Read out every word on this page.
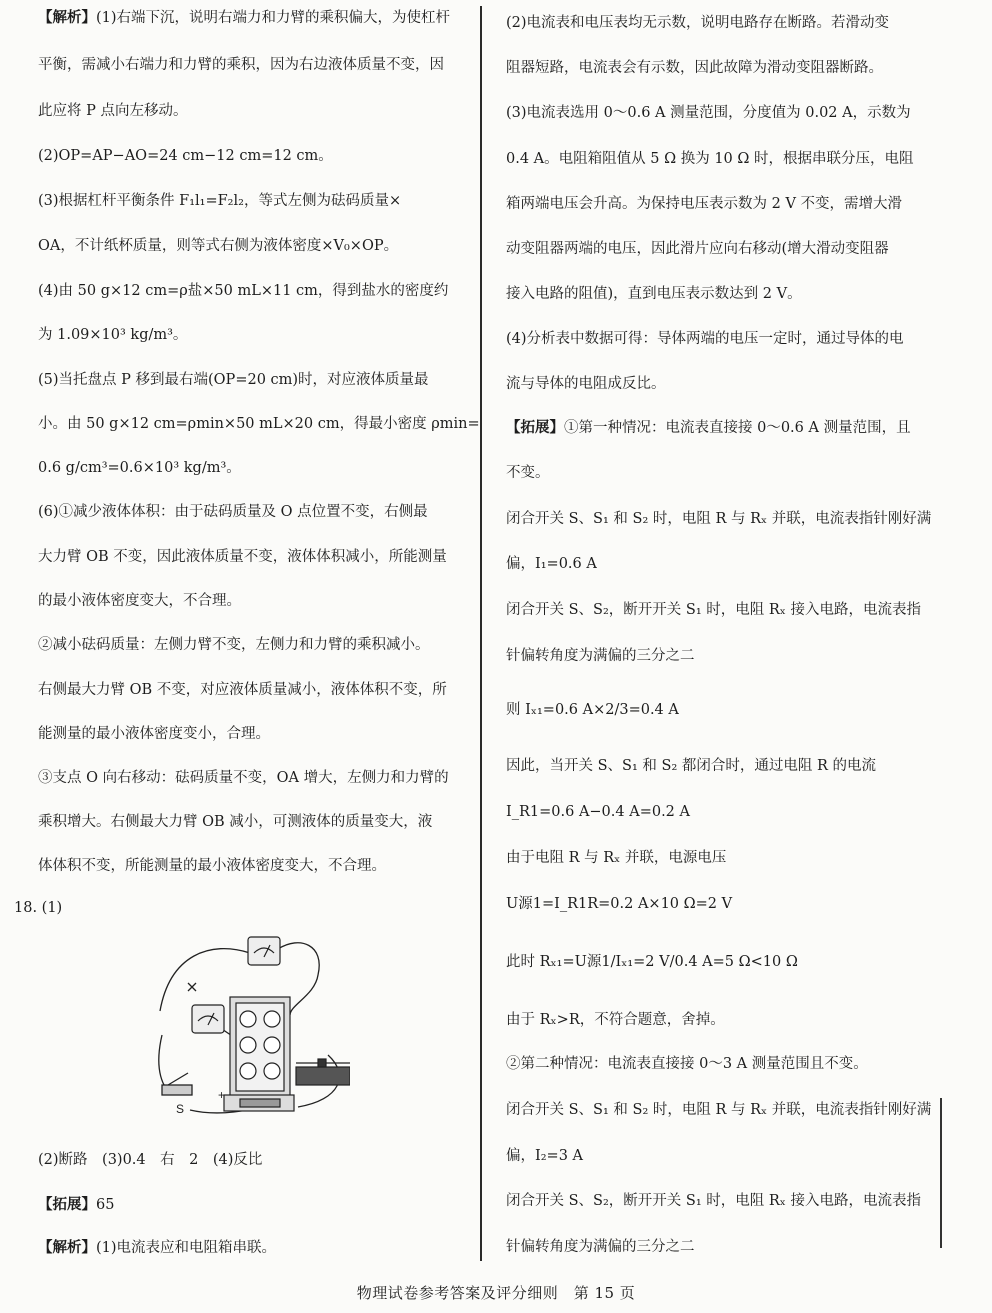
【解析】(1)右端下沉，说明右端力和力臂的乘积偏大，为使杠杆
平衡，需减小右端力和力臂的乘积，因为右边液体质量不变，因
此应将 P 点向左移动。
(2)OP=AP−AO=24 cm−12 cm=12 cm。
(3)根据杠杆平衡条件 F₁l₁=F₂l₂，等式左侧为砝码质量×
OA，不计纸杯质量，则等式右侧为液体密度×V₀×OP。
(4)由 50 g×12 cm=ρ盐×50 mL×11 cm，得到盐水的密度约
为 1.09×10³ kg/m³。
(5)当托盘点 P 移到最右端(OP=20 cm)时，对应液体质量最
小。由 50 g×12 cm=ρmin×50 mL×20 cm，得最小密度 ρmin=
0.6 g/cm³=0.6×10³ kg/m³。
(6)①减少液体体积：由于砝码质量及 O 点位置不变，右侧最
大力臂 OB 不变，因此液体质量不变，液体体积减小，所能测量
的最小液体密度变大，不合理。
②减小砝码质量：左侧力臂不变，左侧力和力臂的乘积减小。
右侧最大力臂 OB 不变，对应液体质量减小，液体体积不变，所
能测量的最小液体密度变小，合理。
③支点 O 向右移动：砝码质量不变，OA 增大，左侧力和力臂的
乘积增大。右侧最大力臂 OB 减小，可测液体的质量变大，液
体体积不变，所能测量的最小液体密度变大，不合理。
(2)断路　(3)0.4　右　2　(4)反比
【拓展】65
【解析】(1)电流表应和电阻箱串联。
(2)电流表和电压表均无示数，说明电路存在断路。若滑动变
阻器短路，电流表会有示数，因此故障为滑动变阻器断路。
(3)电流表选用 0～0.6 A 测量范围，分度值为 0.02 A，示数为
0.4 A。电阻箱阻值从 5 Ω 换为 10 Ω 时，根据串联分压，电阻
箱两端电压会升高。为保持电压表示数为 2 V 不变，需增大滑
动变阻器两端的电压，因此滑片应向右移动(增大滑动变阻器
接入电路的阻值)，直到电压表示数达到 2 V。
(4)分析表中数据可得：导体两端的电压一定时，通过导体的电
流与导体的电阻成反比。
【拓展】①第一种情况：电流表直接接 0～0.6 A 测量范围，且
不变。
闭合开关 S、S₁ 和 S₂ 时，电阻 R 与 Rₓ 并联，电流表指针刚好满
偏，I₁=0.6 A
闭合开关 S、S₂，断开开关 S₁ 时，电阻 Rₓ 接入电路，电流表指
针偏转角度为满偏的三分之二
则 Iₓ₁=0.6 A×2/3=0.4 A
因此，当开关 S、S₁ 和 S₂ 都闭合时，通过电阻 R 的电流
I_R1=0.6 A−0.4 A=0.2 A
由于电阻 R 与 Rₓ 并联，电源电压
U源1=I_R1R=0.2 A×10 Ω=2 V
此时 Rₓ₁=U源1/Iₓ₁=2 V/0.4 A=5 Ω<10 Ω
由于 Rₓ>R，不符合题意，舍掉。
②第二种情况：电流表直接接 0～3 A 测量范围且不变。
闭合开关 S、S₁ 和 S₂ 时，电阻 R 与 Rₓ 并联，电流表指针刚好满
偏，I₂=3 A
闭合开关 S、S₂，断开开关 S₁ 时，电阻 Rₓ 接入电路，电流表指
针偏转角度为满偏的三分之二
18. (1)
S
+
物理试卷参考答案及评分细则　第 15 页
